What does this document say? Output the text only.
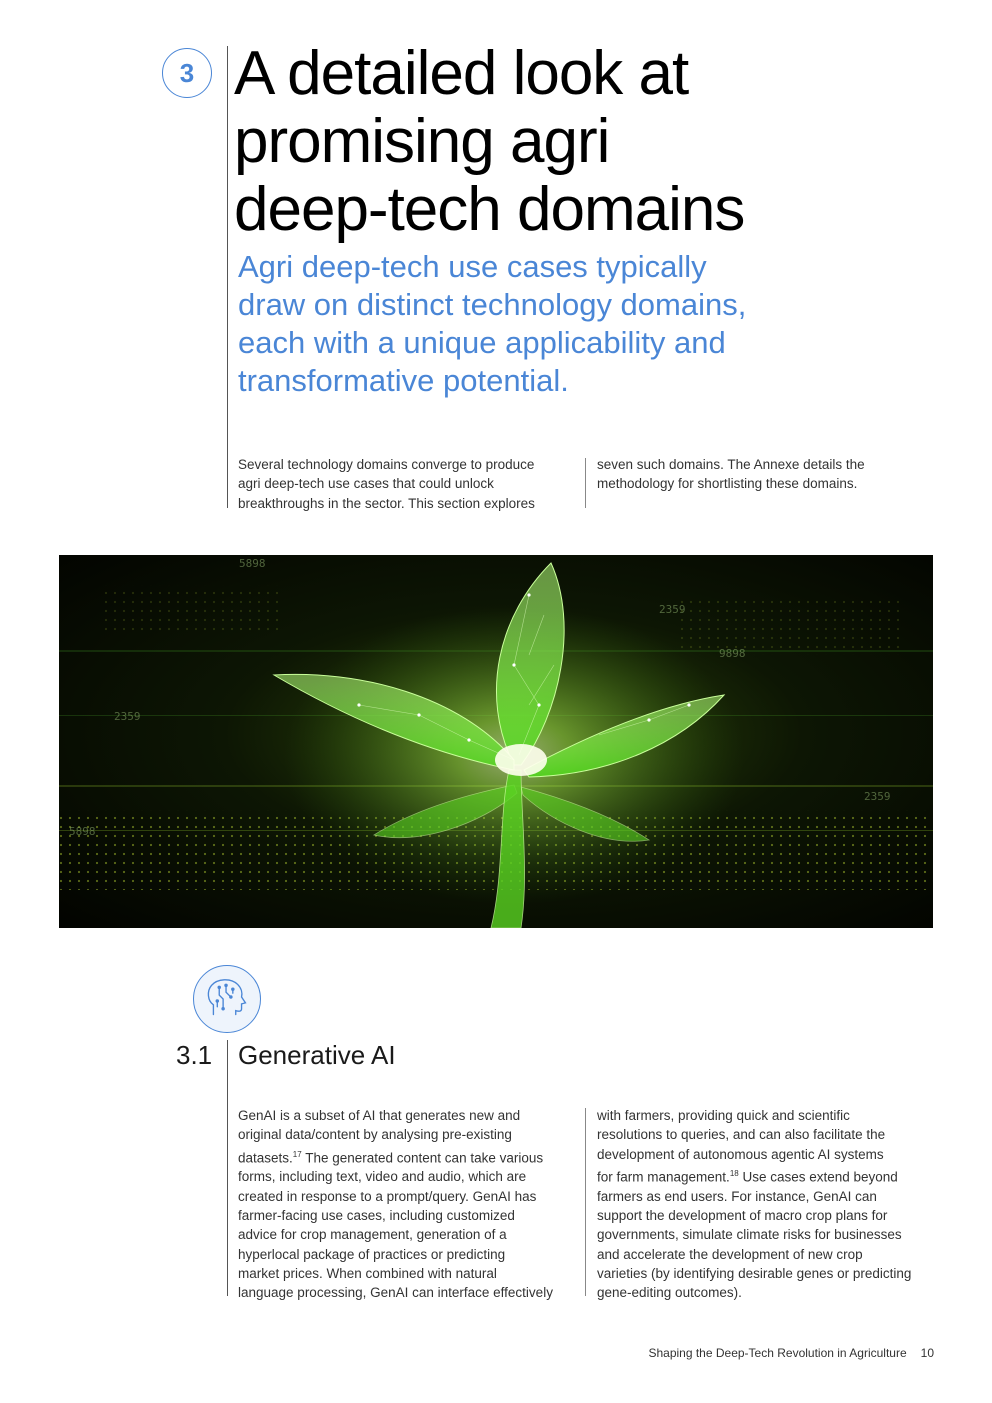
3 A detailed look at
promising agri
deep-tech domains

Agri deep-tech use cases typically
draw on distinct technology domains,
each with a unique applicability and
transformative potential.

Several technology domains converge to produce
agri deep-tech use cases that could unlock
breakthroughs in the sector. This section explores

seven such domains. The Annexe details the
methodology for shortlisting these domains.

5898
2359
9898
2359
5898
2359
3.1 Generative AI

GenAI is a subset of AI that generates new and
original data/content by analysing pre-existing
datasets.$^{17}$ The generated content can take various
forms, including text, video and audio, which are
created in response to a prompt/query. GenAI has
farmer-facing use cases, including customized
advice for crop management, generation of a
hyperlocal package of practices or predicting
market prices. When combined with natural
language processing, GenAI can interface effectively

with farmers, providing quick and scientific
resolutions to queries, and can also facilitate the
development of autonomous agentic AI systems
for farm management.$^{18}$ Use cases extend beyond
farmers as end users. For instance, GenAI can
support the development of macro crop plans for
governments, simulate climate risks for businesses
and accelerate the development of new crop
varieties (by identifying desirable genes or predicting
gene-editing outcomes).

Shaping the Deep-Tech Revolution in Agriculture 10
